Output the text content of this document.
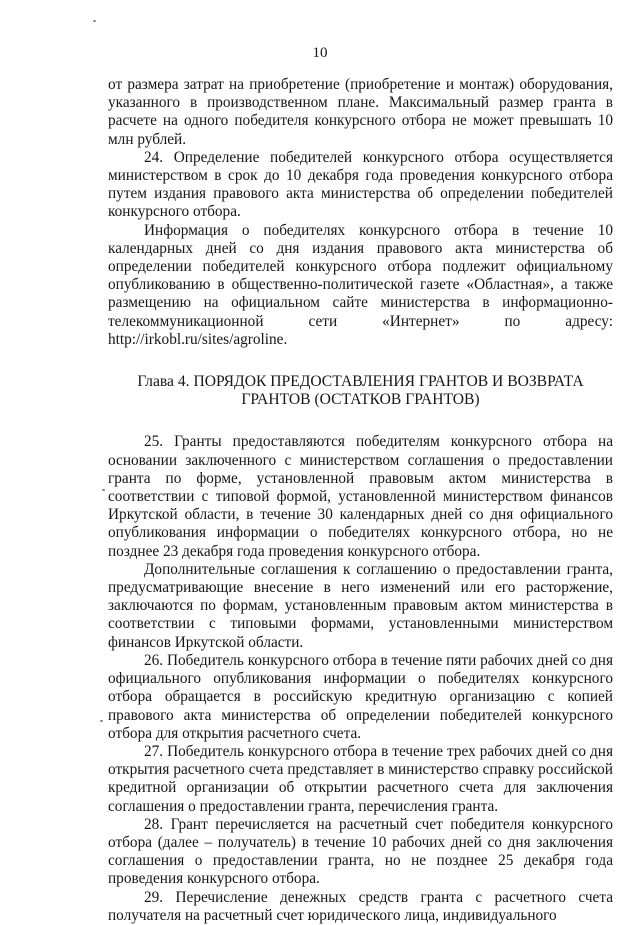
10

от размера затрат на приобретение (приобретение и монтаж) оборудования, указанного в производственном плане. Максимальный размер гранта в расчете на одного победителя конкурсного отбора не может превышать 10 млн рублей.

24. Определение победителей конкурсного отбора осуществляется министерством в срок до 10 декабря года проведения конкурсного отбора путем издания правового акта министерства об определении победителей конкурсного отбора.

Информация о победителях конкурсного отбора в течение 10 календарных дней со дня издания правового акта министерства об определении победителей конкурсного отбора подлежит официальному опубликованию в общественно-политической газете «Областная», а также размещению на официальном сайте министерства в информационно-телекоммуникационной сети «Интернет» по адресу: http://irkobl.ru/sites/agroline.

Глава 4. ПОРЯДОК ПРЕДОСТАВЛЕНИЯ ГРАНТОВ И ВОЗВРАТА ГРАНТОВ (ОСТАТКОВ ГРАНТОВ)

25. Гранты предоставляются победителям конкурсного отбора на основании заключенного с министерством соглашения о предоставлении гранта по форме, установленной правовым актом министерства в соответствии с типовой формой, установленной министерством финансов Иркутской области, в течение 30 календарных дней со дня официального опубликования информации о победителях конкурсного отбора, но не позднее 23 декабря года проведения конкурсного отбора.

Дополнительные соглашения к соглашению о предоставлении гранта, предусматривающие внесение в него изменений или его расторжение, заключаются по формам, установленным правовым актом министерства в соответствии с типовыми формами, установленными министерством финансов Иркутской области.

26. Победитель конкурсного отбора в течение пяти рабочих дней со дня официального опубликования информации о победителях конкурсного отбора обращается в российскую кредитную организацию с копией правового акта министерства об определении победителей конкурсного отбора для открытия расчетного счета.

27. Победитель конкурсного отбора в течение трех рабочих дней со дня открытия расчетного счета представляет в министерство справку российской кредитной организации об открытии расчетного счета для заключения соглашения о предоставлении гранта, перечисления гранта.

28. Грант перечисляется на расчетный счет победителя конкурсного отбора (далее – получатель) в течение 10 рабочих дней со дня заключения соглашения о предоставлении гранта, но не позднее 25 декабря года проведения конкурсного отбора.

29. Перечисление денежных средств гранта с расчетного счета получателя на расчетный счет юридического лица, индивидуального
